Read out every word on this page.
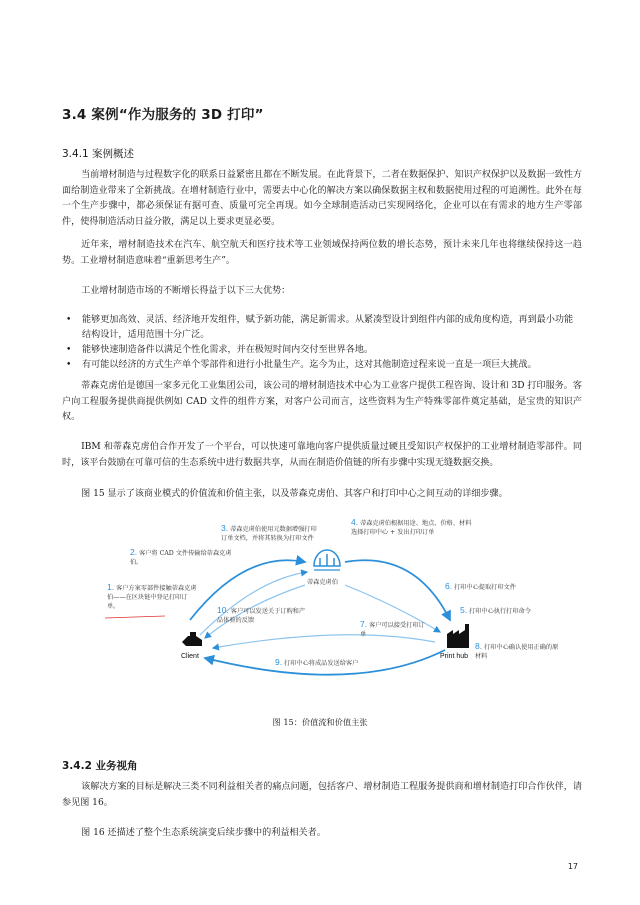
3.4 案例“作为服务的 3D 打印”
3.4.1 案例概述

当前增材制造与过程数字化的联系日益紧密且都在不断发展。在此背景下，二者在数据保护、知识产权保护以及数据一致性方面给制造业带来了全新挑战。在增材制造行业中，需要去中心化的解决方案以确保数据主权和数据使用过程的可追溯性。此外在每一个生产步骤中，都必须保证有据可查、质量可完全再现。如今全球制造活动已实现网络化，企业可以在有需求的地方生产零部件，使得制造活动日益分散，满足以上要求更显必要。

近年来，增材制造技术在汽车、航空航天和医疗技术等工业领域保持两位数的增长态势，预计未来几年也将继续保持这一趋势。工业增材制造意味着“重新思考生产”。

工业增材制造市场的不断增长得益于以下三大优势：

• 能够更加高效、灵活、经济地开发组件，赋予新功能，满足新需求。从紧凑型设计到组件内部的成角度构造，再到最小功能结构设计，适用范围十分广泛。
• 能够快速制造备件以满足个性化需求，并在极短时间内交付至世界各地。
• 有可能以经济的方式生产单个零部件和进行小批量生产。迄今为止，这对其他制造过程来说一直是一项巨大挑战。

蒂森克虏伯是德国一家多元化工业集团公司，该公司的增材制造技术中心为工业客户提供工程咨询、设计和 3D 打印服务。客户向工程服务提供商提供例如 CAD 文件的组件方案，对客户公司而言，这些资料为生产特殊零部件奠定基础，是宝贵的知识产权。

IBM 和蒂森克虏伯合作开发了一个平台，可以快速可靠地向客户提供质量过硬且受知识产权保护的工业增材制造零部件。同时，该平台鼓励在可靠可信的生态系统中进行数据共享，从而在制造价值链的所有步骤中实现无缝数据交换。

图 15 显示了该商业模式的价值流和价值主张，以及蒂森克虏伯、其客户和打印中心之间互动的详细步骤。

蒂森克虏伯
Client	Print hub
1. 客户方案零部件接触蒂森克虏伯——在区块链中登记打印订单。
2. 客户将 CAD 文件传输给蒂森克虏伯。
3. 蒂森克虏伯使用元数据增强打印订单文档，并将其转换为打印文件
4. 蒂森克虏伯根据用途、地点、价格、材料选择打印中心 + 发出打印订单
6. 打印中心提取打印文件
5. 打印中心执行打印命令
7. 客户可以接受打印订单
8. 打印中心确认使用正确的原材料
9. 打印中心将成品发送给客户
10. 客户可以发送关于订购和产品体验的反馈
图 15：价值流和价值主张
3.4.2 业务视角

该解决方案的目标是解决三类不同利益相关者的痛点问题，包括客户、增材制造工程服务提供商和增材制造打印合作伙伴，请参见图 16。

图 16 还描述了整个生态系统演变后续步骤中的利益相关者。

17
